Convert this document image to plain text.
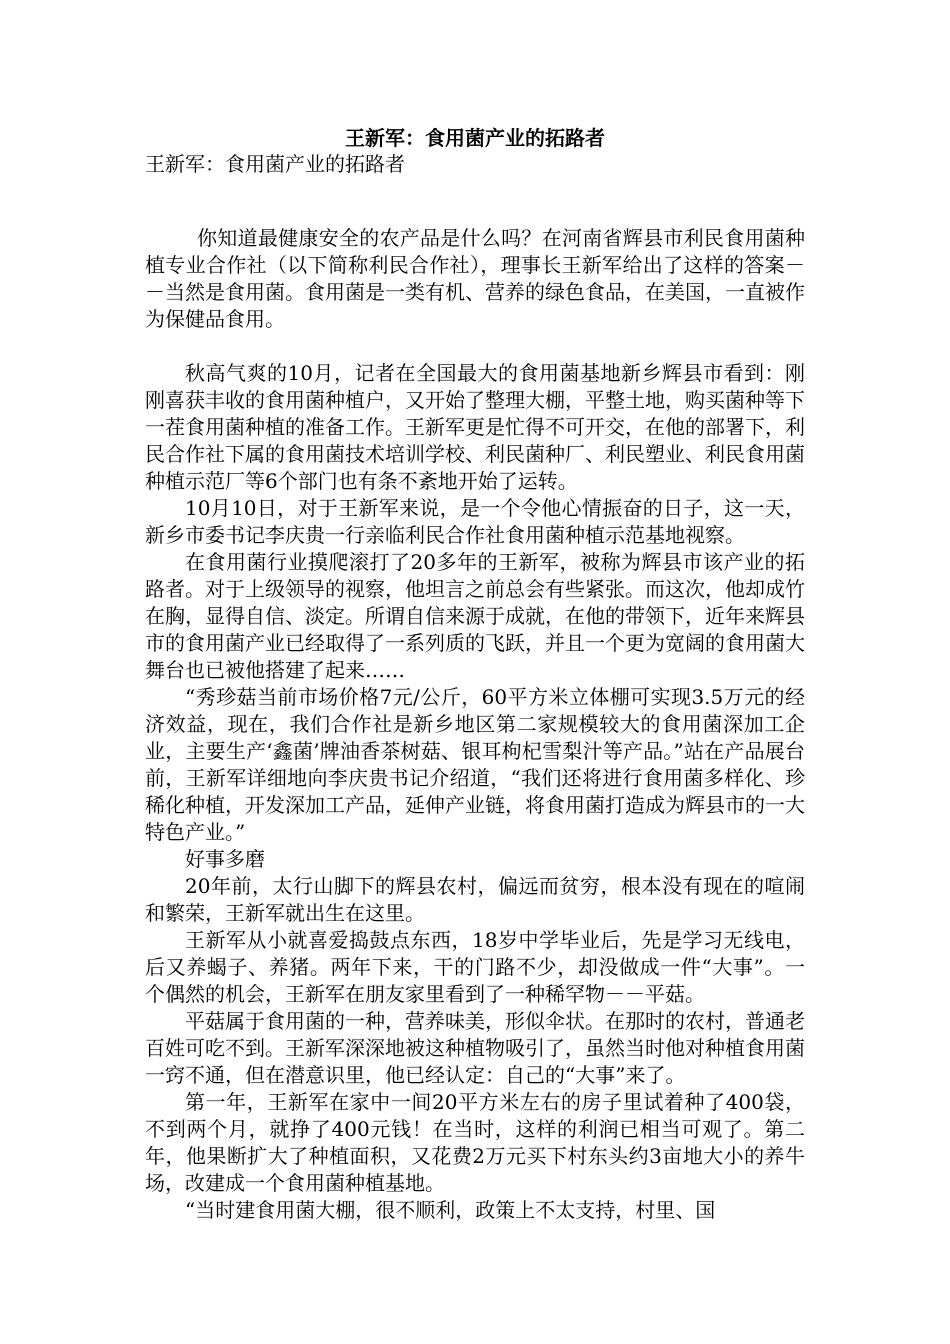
王新军：食用菌产业的拓路者
王新军：食用菌产业的拓路者

你知道最健康安全的农产品是什么吗？在河南省辉县市利民食用菌种植专业合作社（以下简称利民合作社），理事长王新军给出了这样的答案－－当然是食用菌。食用菌是一类有机、营养的绿色食品，在美国，一直被作为保健品食用。

秋高气爽的10月，记者在全国最大的食用菌基地新乡辉县市看到：刚刚喜获丰收的食用菌种植户，又开始了整理大棚，平整土地，购买菌种等下一茬食用菌种植的准备工作。王新军更是忙得不可开交，在他的部署下，利民合作社下属的食用菌技术培训学校、利民菌种厂、利民塑业、利民食用菌种植示范厂等6个部门也有条不紊地开始了运转。

10月10日，对于王新军来说，是一个令他心情振奋的日子，这一天，新乡市委书记李庆贵一行亲临利民合作社食用菌种植示范基地视察。

在食用菌行业摸爬滚打了20多年的王新军，被称为辉县市该产业的拓路者。对于上级领导的视察，他坦言之前总会有些紧张。而这次，他却成竹在胸，显得自信、淡定。所谓自信来源于成就，在他的带领下，近年来辉县市的食用菌产业已经取得了一系列质的飞跃，并且一个更为宽阔的食用菌大舞台也已被他搭建了起来……

“秀珍菇当前市场价格7元/公斤，60平方米立体棚可实现3.5万元的经济效益，现在，我们合作社是新乡地区第二家规模较大的食用菌深加工企业，主要生产‘鑫菌’牌油香茶树菇、银耳枸杞雪梨汁等产品。”站在产品展台前，王新军详细地向李庆贵书记介绍道，“我们还将进行食用菌多样化、珍稀化种植，开发深加工产品，延伸产业链，将食用菌打造成为辉县市的一大特色产业。”

好事多磨

20年前，太行山脚下的辉县农村，偏远而贫穷，根本没有现在的喧闹和繁荣，王新军就出生在这里。

王新军从小就喜爱捣鼓点东西，18岁中学毕业后，先是学习无线电，后又养蝎子、养猪。两年下来，干的门路不少，却没做成一件“大事”。一个偶然的机会，王新军在朋友家里看到了一种稀罕物－－平菇。

平菇属于食用菌的一种，营养味美，形似伞状。在那时的农村，普通老百姓可吃不到。王新军深深地被这种植物吸引了，虽然当时他对种植食用菌一窍不通，但在潜意识里，他已经认定：自己的“大事”来了。

第一年，王新军在家中一间20平方米左右的房子里试着种了400袋，不到两个月，就挣了400元钱！在当时，这样的利润已相当可观了。第二年，他果断扩大了种植面积，又花费2万元买下村东头约3亩地大小的养牛场，改建成一个食用菌种植基地。

“当时建食用菌大棚，很不顺利，政策上不太支持，村里、国
